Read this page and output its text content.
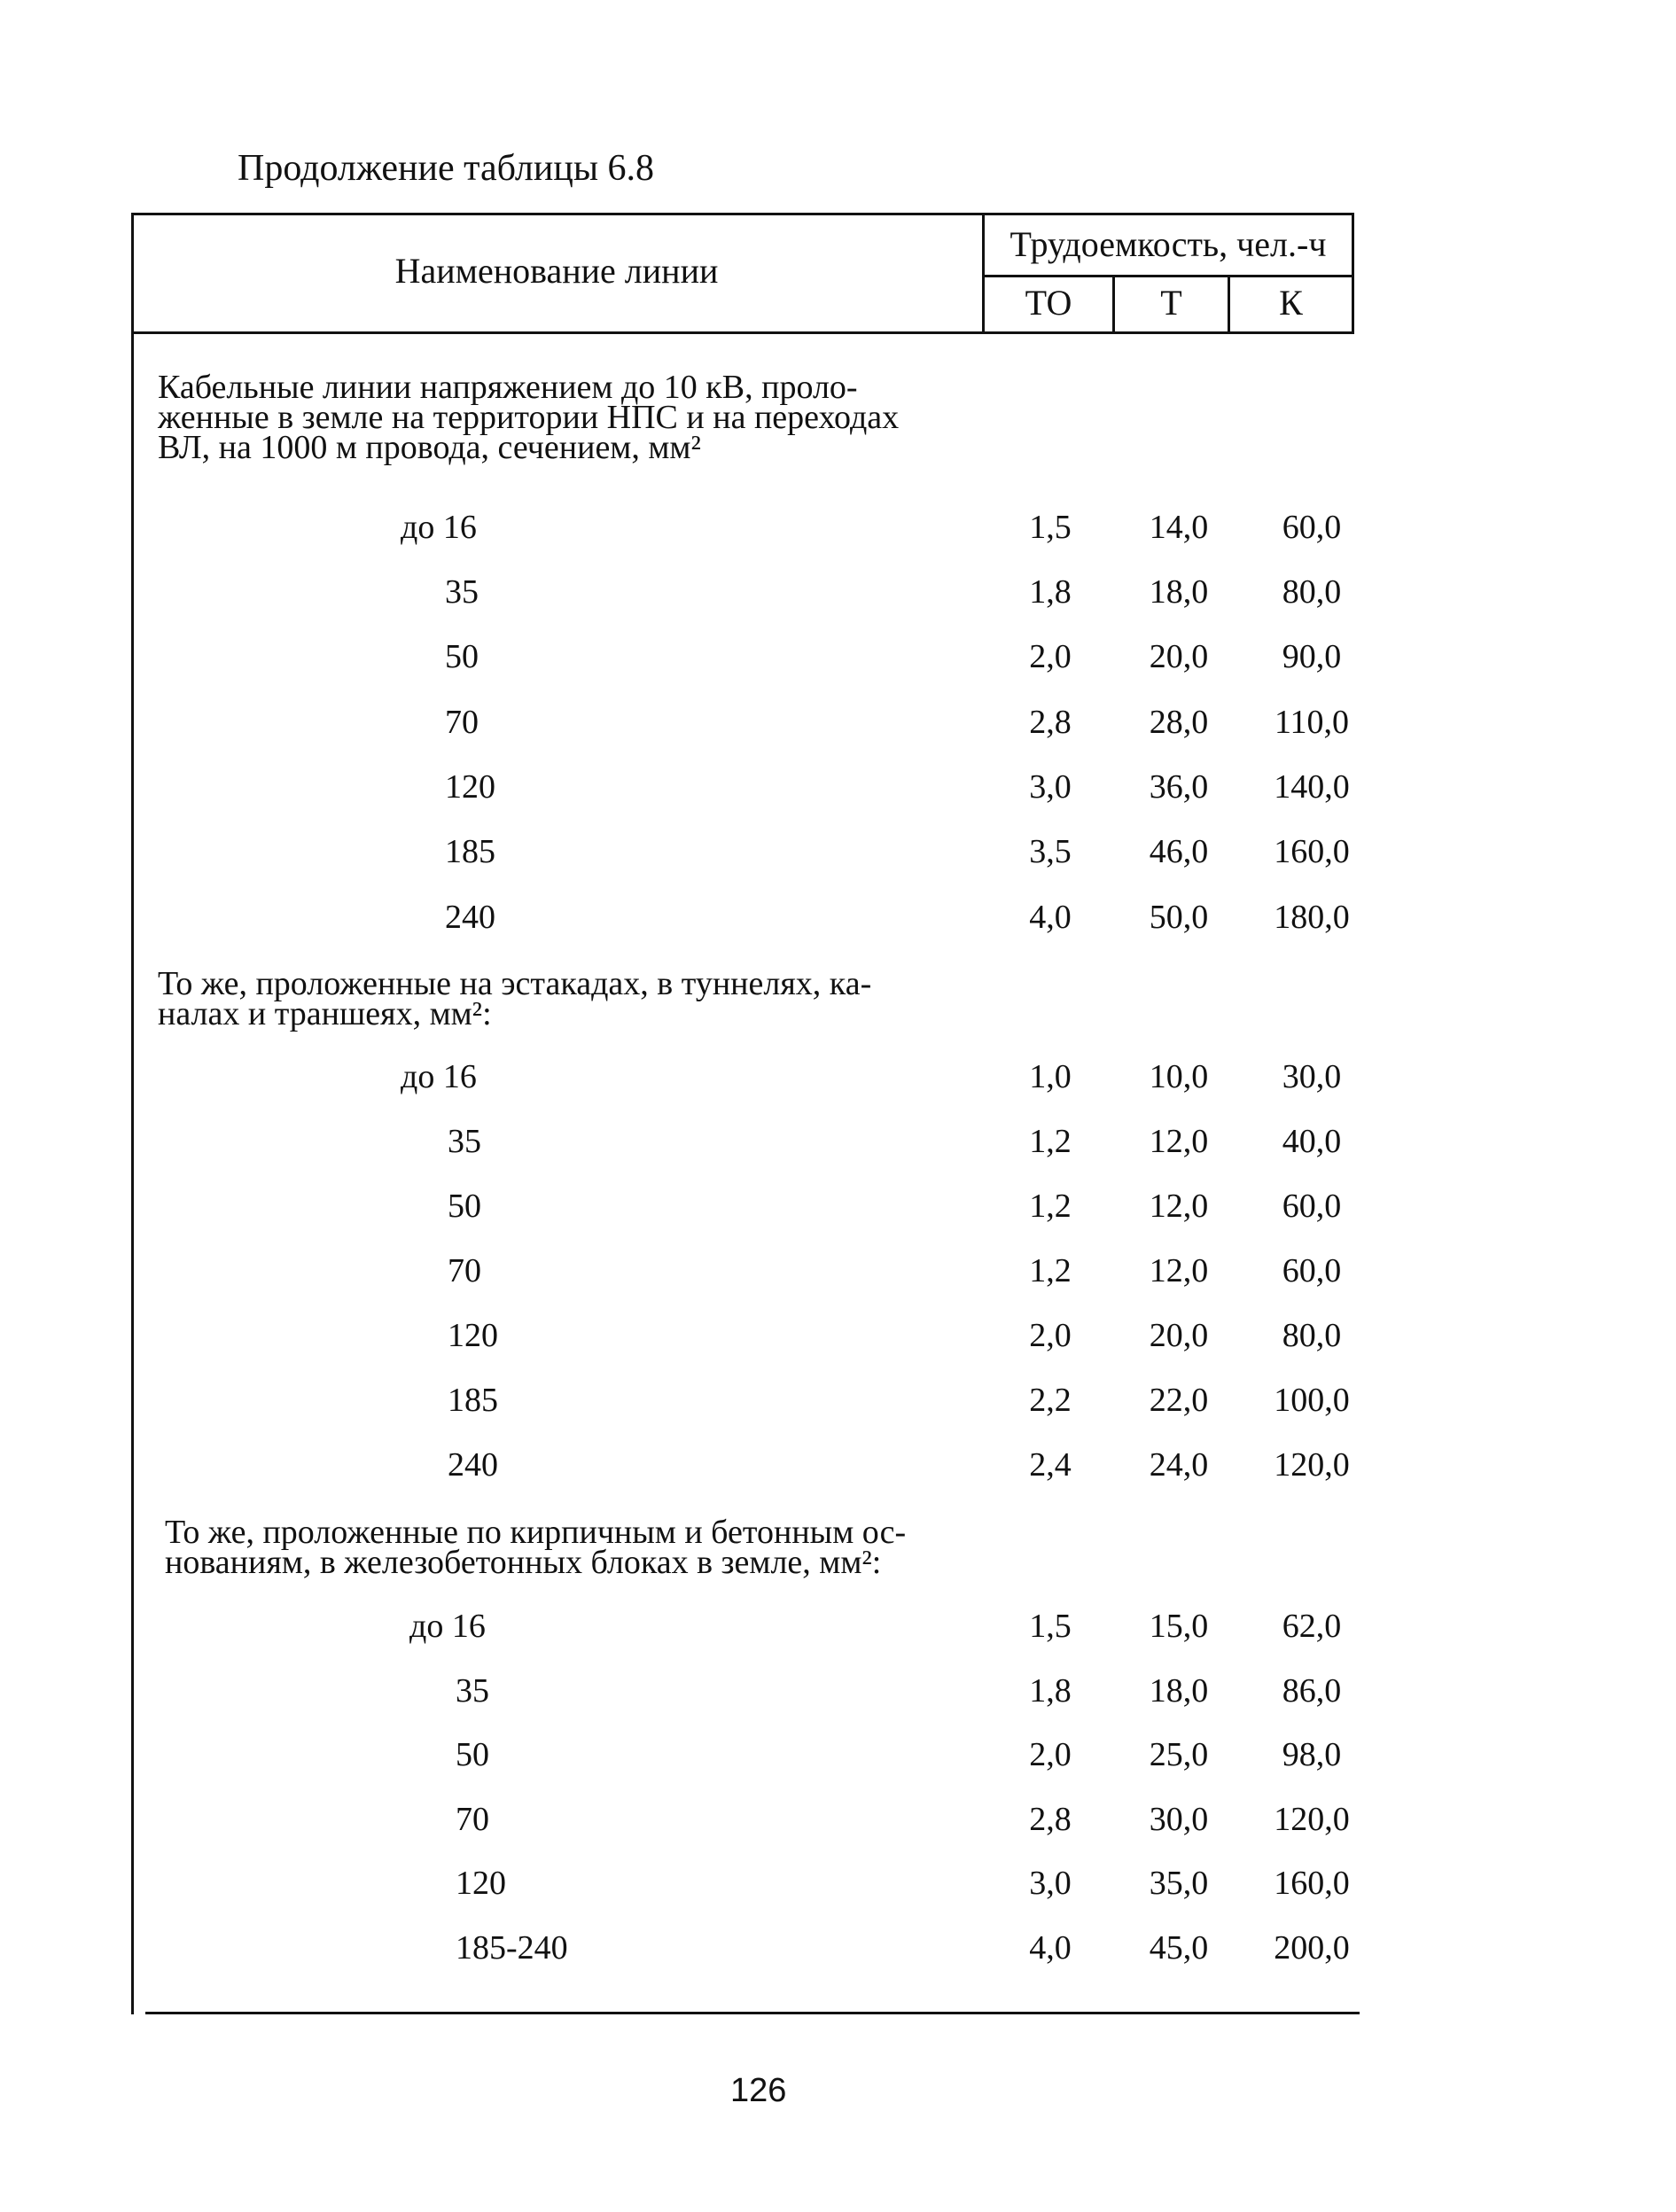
Продолжение таблицы 6.8
Наименование линии
Трудоемкость, чел.-ч
ТО	Т	К
Кабельные линии напряжением до 10 кВ, проло-
женные в земле на территории НПС и на переходах
ВЛ, на 1000 м провода, сечением, мм²
до 16	1,5	14,0	60,0
35	1,8	18,0	80,0
50	2,0	20,0	90,0
70	2,8	28,0	110,0
120	3,0	36,0	140,0
185	3,5	46,0	160,0
240	4,0	50,0	180,0
То же, проложенные на эстакадах, в туннелях, ка-
налах и траншеях, мм²:
до 16	1,0	10,0	30,0
35	1,2	12,0	40,0
50	1,2	12,0	60,0
70	1,2	12,0	60,0
120	2,0	20,0	80,0
185	2,2	22,0	100,0
240	2,4	24,0	120,0
То же, проложенные по кирпичным и бетонным ос-
нованиям, в железобетонных блоках в земле, мм²:
до 16	1,5	15,0	62,0
35	1,8	18,0	86,0
50	2,0	25,0	98,0
70	2,8	30,0	120,0
120	3,0	35,0	160,0
185-240	4,0	45,0	200,0
126
